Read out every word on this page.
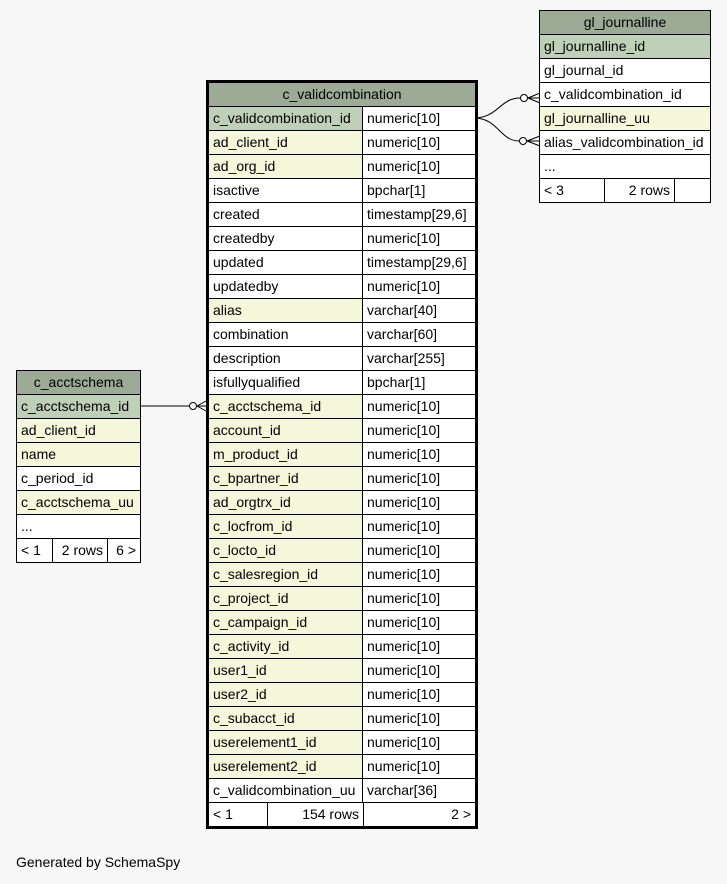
c_validcombination
c_validcombination_id	numeric[10]
ad_client_id	numeric[10]
ad_org_id	numeric[10]
isactive	bpchar[1]
created	timestamp[29,6]
createdby	numeric[10]
updated	timestamp[29,6]
updatedby	numeric[10]
alias	varchar[40]
combination	varchar[60]
description	varchar[255]
isfullyqualified	bpchar[1]
c_acctschema_id	numeric[10]
account_id	numeric[10]
m_product_id	numeric[10]
c_bpartner_id	numeric[10]
ad_orgtrx_id	numeric[10]
c_locfrom_id	numeric[10]
c_locto_id	numeric[10]
c_salesregion_id	numeric[10]
c_project_id	numeric[10]
c_campaign_id	numeric[10]
c_activity_id	numeric[10]
user1_id	numeric[10]
user2_id	numeric[10]
c_subacct_id	numeric[10]
userelement1_id	numeric[10]
userelement2_id	numeric[10]
c_validcombination_uu varchar[36]
< 1	154 rows	2 >
c_acctschema
c_acctschema_id
ad_client_id
name
c_period_id
c_acctschema_uu
...
< 1	2 rows 6 >
gl_journalline
gl_journalline_id
gl_journal_id
c_validcombination_id
gl_journalline_uu
alias_validcombination_id
...
< 3	2 rows
Generated by SchemaSpy
